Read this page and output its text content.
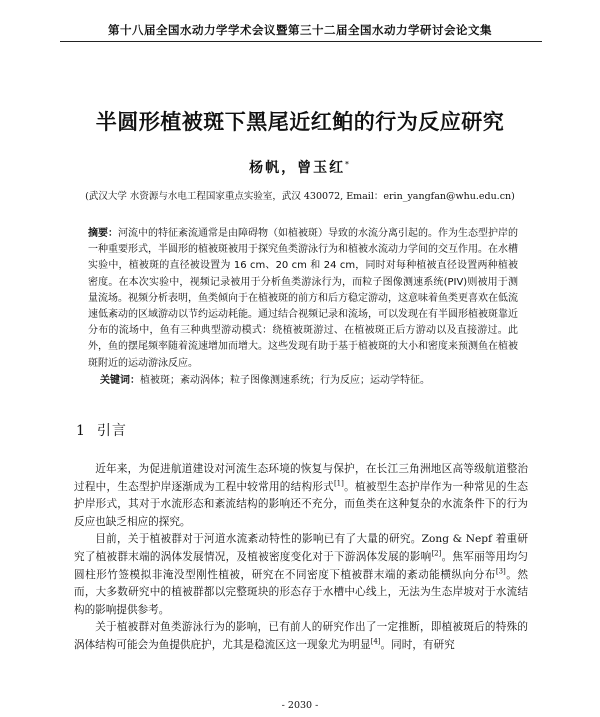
第十八届全国水动力学学术会议暨第三十二届全国水动力学研讨会论文集
半圆形植被斑下黑尾近红鲌的行为反应研究
杨帆，曾玉红*
(武汉大学 水资源与水电工程国家重点实验室，武汉 430072, Email：erin_yangfan@whu.edu.cn)
摘要：河流中的特征紊流通常是由障碍物（如植被斑）导致的水流分离引起的。作为生态型护岸的一种重要形式，半圆形的植被斑被用于探究鱼类游泳行为和植被水流动力学间的交互作用。在水槽实验中，植被斑的直径被设置为 16 cm、20 cm 和 24 cm，同时对每种植被直径设置两种植被密度。在本次实验中，视频记录被用于分析鱼类游泳行为，而粒子图像测速系统(PIV)则被用于测量流场。视频分析表明，鱼类倾向于在植被斑的前方和后方稳定游动，这意味着鱼类更喜欢在低流速低紊动的区域游动以节约运动耗能。通过结合视频记录和流场，可以发现在有半圆形植被斑靠近分布的流场中，鱼有三种典型游动模式：绕植被斑游过、在植被斑正后方游动以及直接游过。此外，鱼的摆尾频率随着流速增加而增大。这些发现有助于基于植被斑的大小和密度来预测鱼在植被斑附近的运动游泳反应。
关键词：植被斑；紊动涡体；粒子图像测速系统；行为反应；运动学特征。
1 引言

近年来，为促进航道建设对河流生态环境的恢复与保护，在长江三角洲地区高等级航道整治过程中，生态型护岸逐渐成为工程中较常用的结构形式[1]。植被型生态护岸作为一种常见的生态护岸形式，其对于水流形态和紊流结构的影响还不充分，而鱼类在这种复杂的水流条件下的行为反应也缺乏相应的探究。

目前，关于植被群对于河道水流紊动特性的影响已有了大量的研究。Zong & Nepf 着重研究了植被群末端的涡体发展情况，及植被密度变化对于下游涡体发展的影响[2]。焦军丽等用均匀圆柱形竹签模拟非淹没型刚性植被，研究在不同密度下植被群末端的紊动能横纵向分布[3]。然而，大多数研究中的植被群都以完整斑块的形态存于水槽中心线上，无法为生态岸坡对于水流结构的影响提供参考。

关于植被群对鱼类游泳行为的影响，已有前人的研究作出了一定推断，即植被斑后的特殊的涡体结构可能会为鱼提供庇护，尤其是稳流区这一现象尤为明显[4]。同时，有研究

- 2030 -
